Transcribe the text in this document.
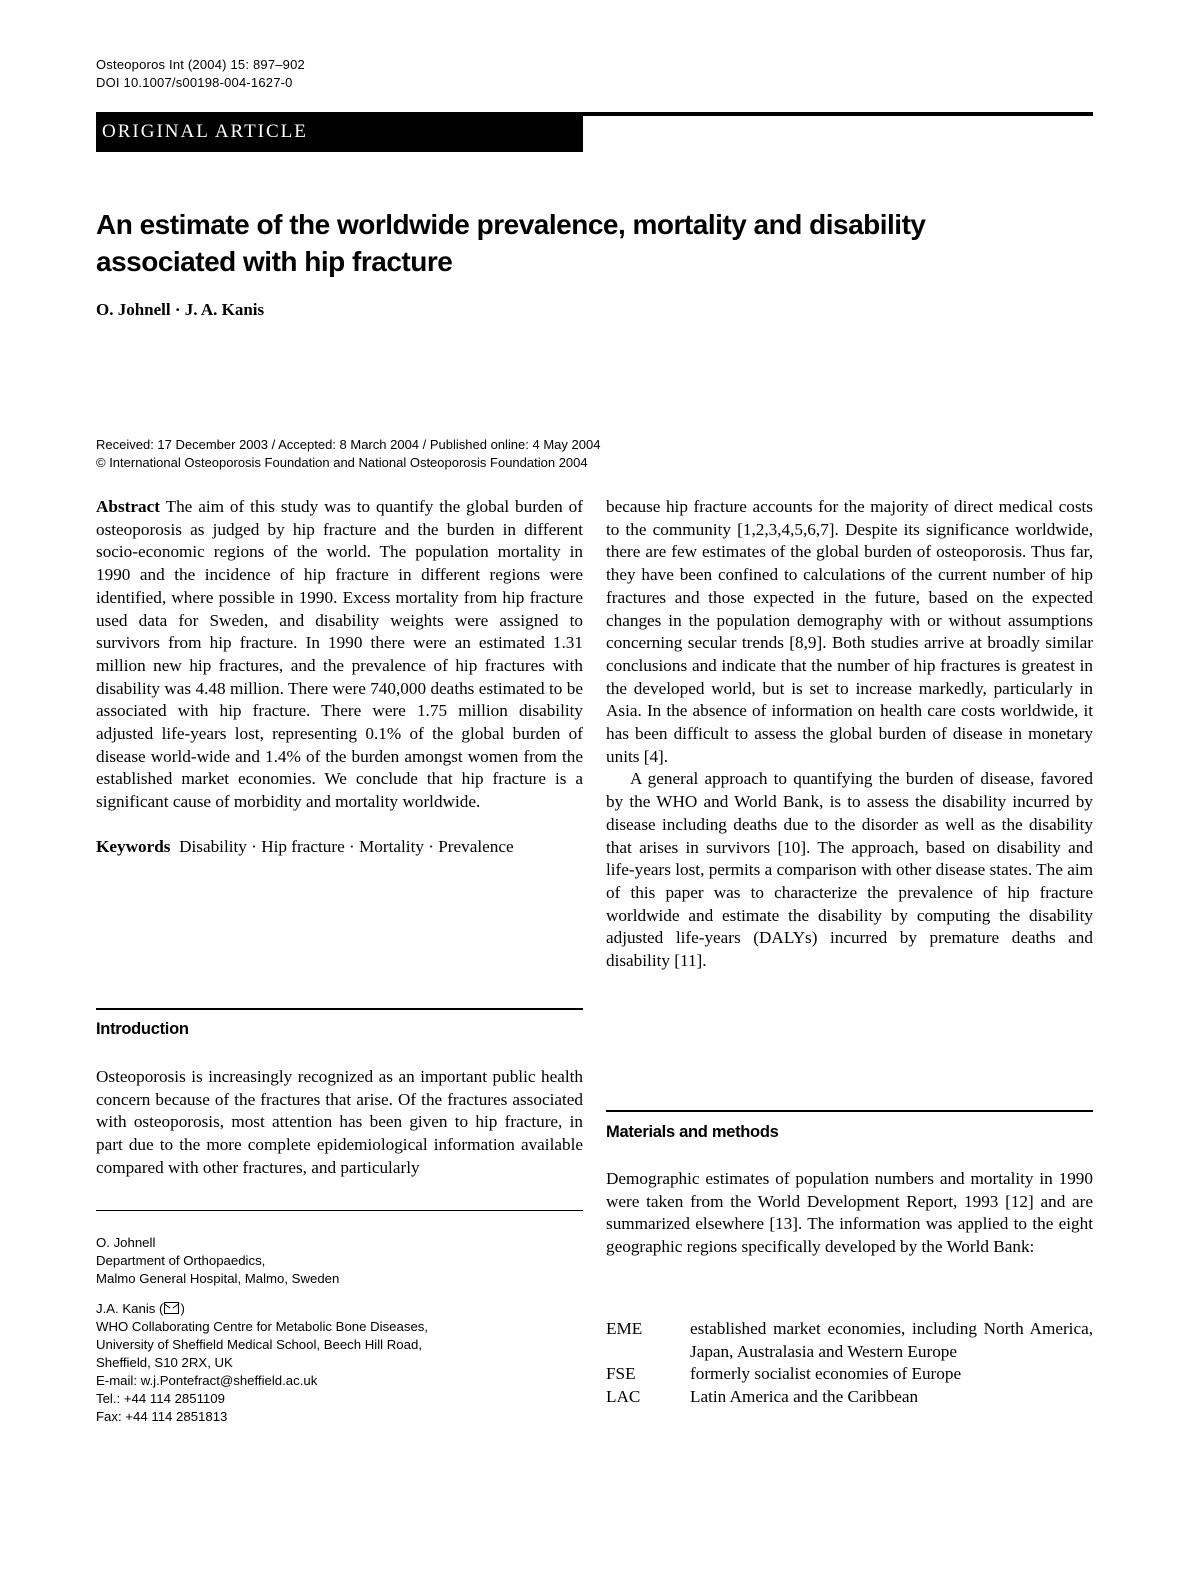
Osteoporos Int (2004) 15: 897–902
DOI 10.1007/s00198-004-1627-0
ORIGINAL ARTICLE
An estimate of the worldwide prevalence, mortality and disability
associated with hip fracture
O. Johnell · J. A. Kanis
Received: 17 December 2003 / Accepted: 8 March 2004 / Published online: 4 May 2004
© International Osteoporosis Foundation and National Osteoporosis Foundation 2004

Abstract The aim of this study was to quantify the global burden of osteoporosis as judged by hip fracture and the burden in different socio-economic regions of the world. The population mortality in 1990 and the incidence of hip fracture in different regions were identified, where possible in 1990. Excess mortality from hip fracture used data for Sweden, and disability weights were assigned to survivors from hip fracture. In 1990 there were an estimated 1.31 million new hip fractures, and the prevalence of hip fractures with disability was 4.48 million. There were 740,000 deaths estimated to be associated with hip fracture. There were 1.75 million disability adjusted life-years lost, representing 0.1% of the global burden of disease world-wide and 1.4% of the burden amongst women from the established market economies. We conclude that hip fracture is a significant cause of morbidity and mortality worldwide.

Keywords Disability · Hip fracture · Mortality · Prevalence

Introduction

Osteoporosis is increasingly recognized as an important public health concern because of the fractures that arise. Of the fractures associated with osteoporosis, most attention has been given to hip fracture, in part due to the more complete epidemiological information available compared with other fractures, and particularly

O. Johnell
Department of Orthopaedics,
Malmo General Hospital, Malmo, Sweden
J.A. Kanis ( )
WHO Collaborating Centre for Metabolic Bone Diseases,
University of Sheffield Medical School, Beech Hill Road,
Sheffield, S10 2RX, UK
E-mail: w.j.Pontefract@sheffield.ac.uk
Tel.: +44 114 2851109
Fax: +44 114 2851813

because hip fracture accounts for the majority of direct medical costs to the community [1,2,3,4,5,6,7]. Despite its significance worldwide, there are few estimates of the global burden of osteoporosis. Thus far, they have been confined to calculations of the current number of hip fractures and those expected in the future, based on the expected changes in the population demography with or without assumptions concerning secular trends [8,9]. Both studies arrive at broadly similar conclusions and indicate that the number of hip fractures is greatest in the developed world, but is set to increase markedly, particularly in Asia. In the absence of information on health care costs worldwide, it has been difficult to assess the global burden of disease in monetary units [4].

A general approach to quantifying the burden of disease, favored by the WHO and World Bank, is to assess the disability incurred by disease including deaths due to the disorder as well as the disability that arises in survivors [10]. The approach, based on disability and life-years lost, permits a comparison with other disease states. The aim of this paper was to characterize the prevalence of hip fracture worldwide and estimate the disability by computing the disability adjusted life-years (DALYs) incurred by premature deaths and disability [11].

Materials and methods

Demographic estimates of population numbers and mortality in 1990 were taken from the World Development Report, 1993 [12] and are summarized elsewhere [13]. The information was applied to the eight geographic regions specifically developed by the World Bank:

EME	established market economies, including North America, Japan, Australasia and Western Europe
FSE	formerly socialist economies of Europe
LAC	Latin America and the Caribbean
